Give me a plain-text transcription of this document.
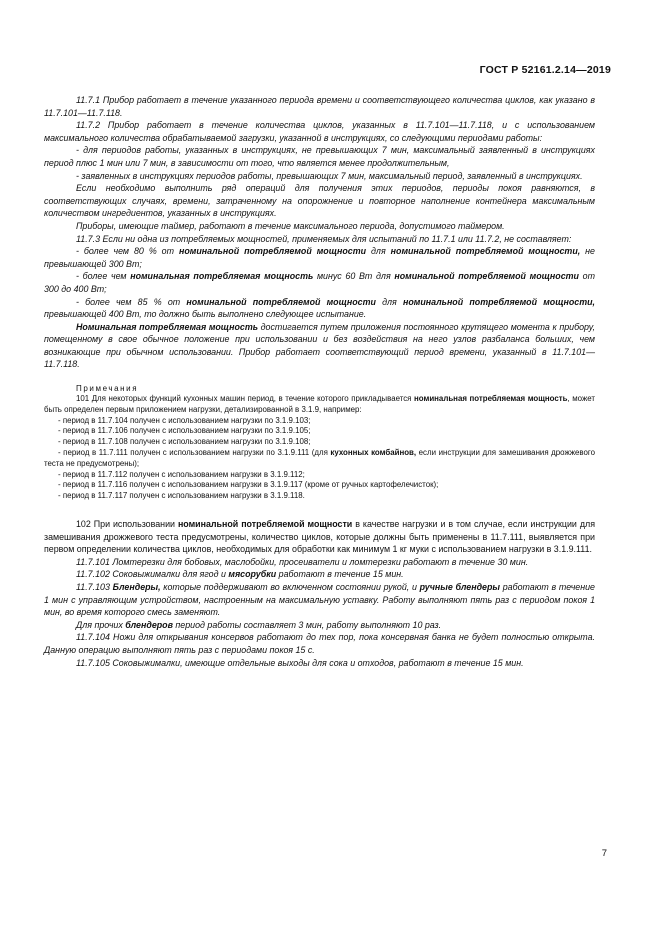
ГОСТ Р 52161.2.14—2019

11.7.1 Прибор работает в течение указанного периода времени и соответствующего количества циклов, как указано в 11.7.101—11.7.118.

11.7.2 Прибор работает в течение количества циклов, указанных в 11.7.101—11.7.118, и с использованием максимального количества обрабатываемой загрузки, указанной в инструкциях, со следующими периодами работы:

- для периодов работы, указанных в инструкциях, не превышающих 7 мин, максимальный заявленный в инструкциях период плюс 1 мин или 7 мин, в зависимости от того, что является менее продолжительным,

- заявленных в инструкциях периодов работы, превышающих 7 мин, максимальный период, заявленный в инструкциях.

Если необходимо выполнить ряд операций для получения этих периодов, периоды покоя равняются, в соответствующих случаях, времени, затраченному на опорожнение и повторное наполнение контейнера максимальным количеством ингредиентов, указанных в инструкциях.

Приборы, имеющие таймер, работают в течение максимального периода, допустимого таймером.

11.7.3 Если ни одна из потребляемых мощностей, применяемых для испытаний по 11.7.1 или 11.7.2, не составляет:

- более чем 80 % от номинальной потребляемой мощности для номинальной потребляемой мощности, не превышающей 300 Вт;

- более чем номинальная потребляемая мощность минус 60 Вт для номинальной потребляемой мощности от 300 до 400 Вт;

- более чем 85 % от номинальной потребляемой мощности для номинальной потребляемой мощности, превышающей 400 Вт, то должно быть выполнено следующее испытание.

Номинальная потребляемая мощность достигается путем приложения постоянного крутящего момента к прибору, помещенному в свое обычное положение при использовании и без воздействия на него узлов разбаланса больших, чем возникающие при обычном использовании. Прибор работает соответствующий период времени, указанный в 11.7.101—11.7.118.

Примечания

101 Для некоторых функций кухонных машин период, в течение которого прикладывается номинальная потребляемая мощность, может быть определен первым приложением нагрузки, детализированной в 3.1.9, например:

- период в 11.7.104 получен с использованием нагрузки по 3.1.9.103;

- период в 11.7.106 получен с использованием нагрузки по 3.1.9.105;

- период в 11.7.108 получен с использованием нагрузки по 3.1.9.108;

- период в 11.7.111 получен с использованием нагрузки по 3.1.9.111 (для кухонных комбайнов, если инструкции для замешивания дрожжевого теста не предусмотрены);

- период в 11.7.112 получен с использованием нагрузки в 3.1.9.112;

- период в 11.7.116 получен с использованием нагрузки в 3.1.9.117 (кроме от ручных картофелечисток);

- период в 11.7.117 получен с использованием нагрузки в 3.1.9.118.

102 При использовании номинальной потребляемой мощности в качестве нагрузки и в том случае, если инструкции для замешивания дрожжевого теста предусмотрены, количество циклов, которые должны быть применены в 11.7.111, выявляется при первом определении количества циклов, необходимых для обработки как минимум 1 кг муки с использованием нагрузки в 3.1.9.111.

11.7.101 Ломтерезки для бобовых, маслобойки, просеиватели и ломтерезки работают в течение 30 мин.

11.7.102 Соковыжималки для ягод и мясорубки работают в течение 15 мин.

11.7.103 Блендеры, которые поддерживают во включенном состоянии рукой, и ручные блендеры работают в течение 1 мин с управляющим устройством, настроенным на максимальную уставку. Работу выполняют пять раз с периодом покоя 1 мин, во время которого смесь заменяют.

Для прочих блендеров период работы составляет 3 мин, работу выполняют 10 раз.

11.7.104 Ножи для открывания консервов работают до тех пор, пока консервная банка не будет полностью открыта. Данную операцию выполняют пять раз с периодами покоя 15 с.

11.7.105 Соковыжималки, имеющие отдельные выходы для сока и отходов, работают в течение 15 мин.

7
